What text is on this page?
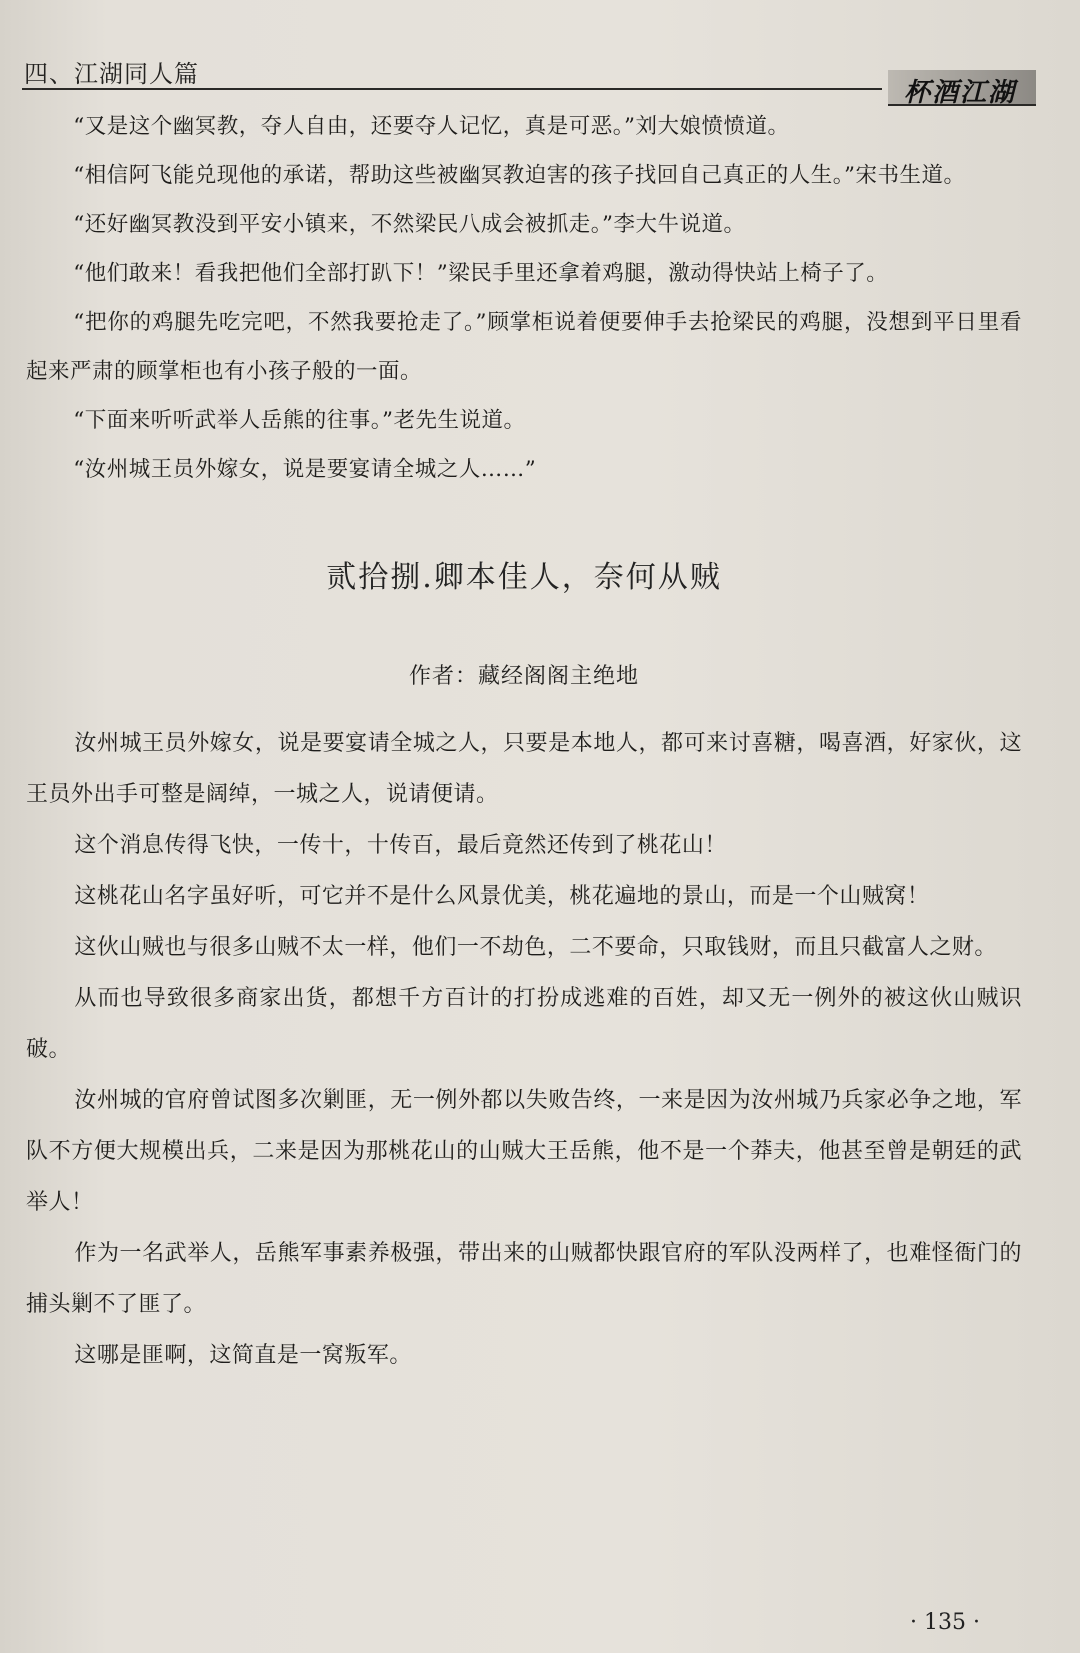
四、江湖同人篇
杯酒江湖

“又是这个幽冥教，夺人自由，还要夺人记忆，真是可恶。”刘大娘愤愤道。

“相信阿飞能兑现他的承诺，帮助这些被幽冥教迫害的孩子找回自己真正的人生。”宋书生道。

“还好幽冥教没到平安小镇来，不然梁民八成会被抓走。”李大牛说道。

“他们敢来！看我把他们全部打趴下！”梁民手里还拿着鸡腿，激动得快站上椅子了。

“把你的鸡腿先吃完吧，不然我要抢走了。”顾掌柜说着便要伸手去抢梁民的鸡腿，没想到平日里看起来严肃的顾掌柜也有小孩子般的一面。

“下面来听听武举人岳熊的往事。”老先生说道。

“汝州城王员外嫁女，说是要宴请全城之人……”

贰拾捌.卿本佳人，奈何从贼
作者：藏经阁阁主绝地

汝州城王员外嫁女，说是要宴请全城之人，只要是本地人，都可来讨喜糖，喝喜酒，好家伙，这王员外出手可整是阔绰，一城之人，说请便请。

这个消息传得飞快，一传十，十传百，最后竟然还传到了桃花山！

这桃花山名字虽好听，可它并不是什么风景优美，桃花遍地的景山，而是一个山贼窝！

这伙山贼也与很多山贼不太一样，他们一不劫色，二不要命，只取钱财，而且只截富人之财。

从而也导致很多商家出货，都想千方百计的打扮成逃难的百姓，却又无一例外的被这伙山贼识破。

汝州城的官府曾试图多次剿匪，无一例外都以失败告终，一来是因为汝州城乃兵家必争之地，军队不方便大规模出兵，二来是因为那桃花山的山贼大王岳熊，他不是一个莽夫，他甚至曾是朝廷的武举人！

作为一名武举人，岳熊军事素养极强，带出来的山贼都快跟官府的军队没两样了，也难怪衙门的捕头剿不了匪了。

这哪是匪啊，这简直是一窝叛军。

· 135 ·
